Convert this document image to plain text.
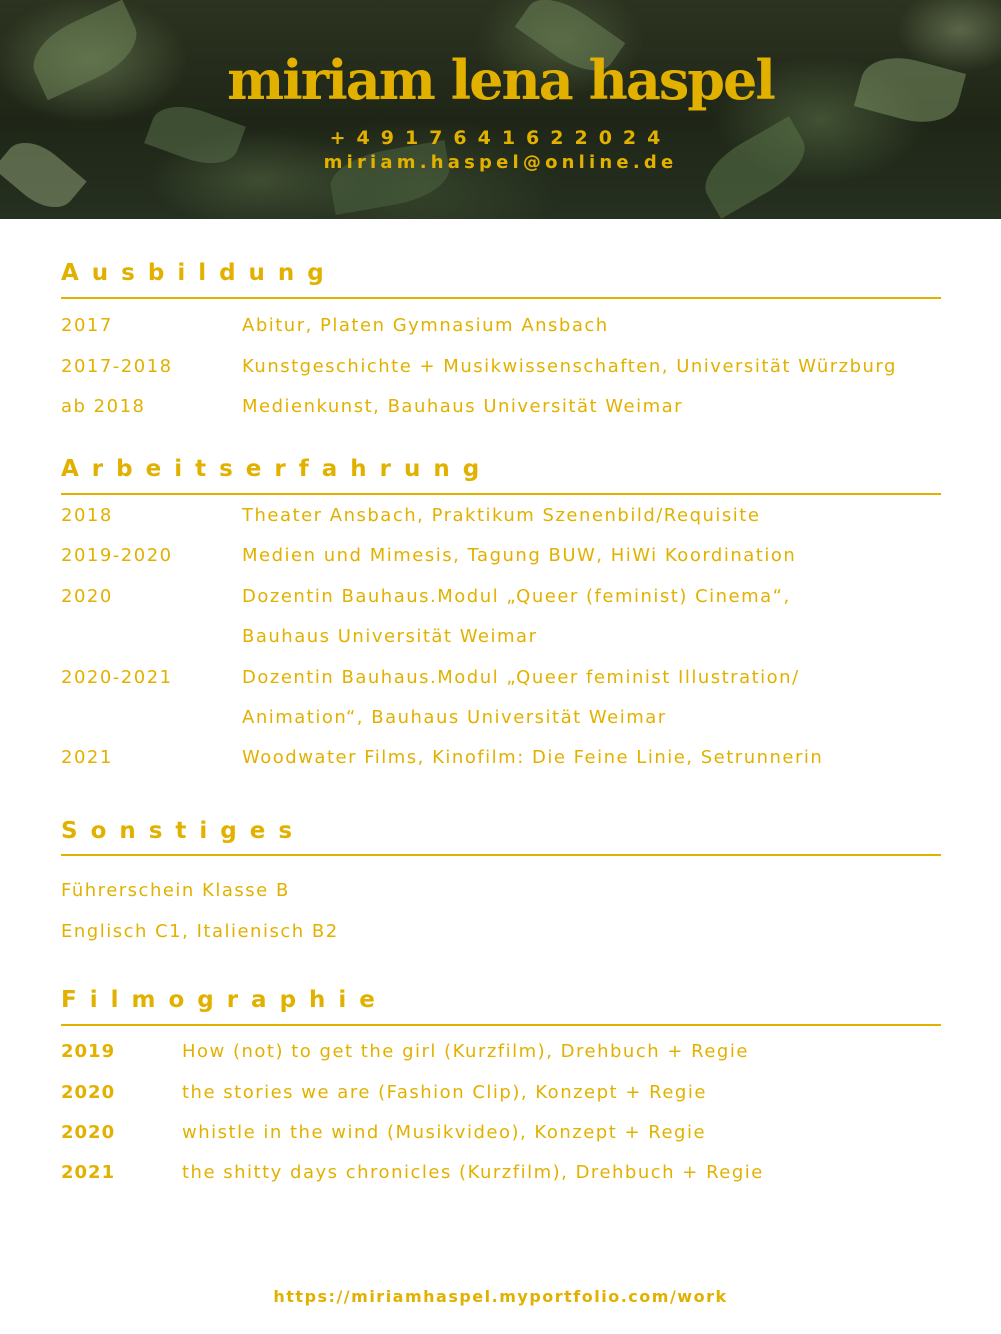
miriam lena haspel
+4917641622024
miriam.haspel@online.de
Ausbildung
2017	Abitur, Platen Gymnasium Ansbach
2017-2018	Kunstgeschichte + Musikwissenschaften, Universität Würzburg
ab 2018	Medienkunst, Bauhaus Universität Weimar
Arbeitserfahrung
2018	Theater Ansbach, Praktikum Szenenbild/Requisite
2019-2020	Medien und Mimesis, Tagung BUW, HiWi Koordination
2020	Dozentin Bauhaus.Modul „Queer (feminist) Cinema“,
Bauhaus Universität Weimar
2020-2021	Dozentin Bauhaus.Modul „Queer feminist Illustration/
Animation“, Bauhaus Universität Weimar
2021	Woodwater Films, Kinofilm: Die Feine Linie, Setrunnerin
Sonstiges
Führerschein Klasse B
Englisch C1, Italienisch B2
Filmographie
2019	How (not) to get the girl (Kurzfilm), Drehbuch + Regie
2020	the stories we are (Fashion Clip), Konzept + Regie
2020	whistle in the wind (Musikvideo), Konzept + Regie
2021	the shitty days chronicles (Kurzfilm), Drehbuch + Regie
https://miriamhaspel.myportfolio.com/work
